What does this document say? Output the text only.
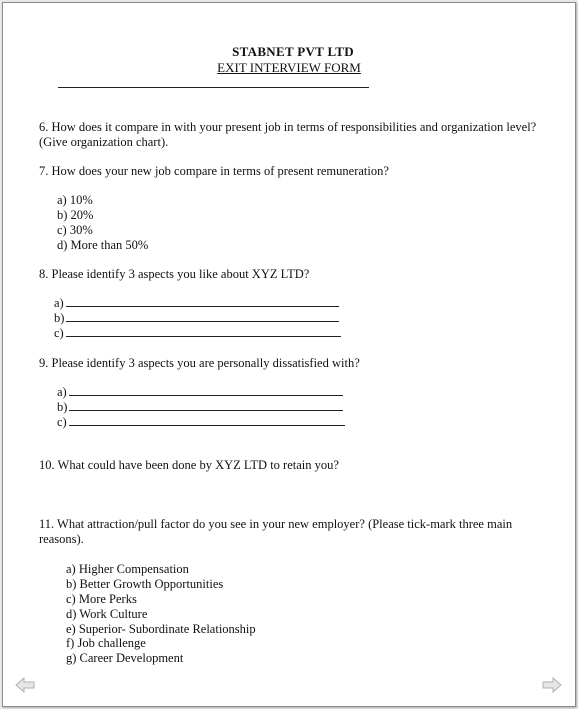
STABNET PVT LTD
EXIT INTERVIEW FORM
6. How does it compare in with your present job in terms of responsibilities and organization level? (Give organization chart).
7. How does your new job compare in terms of present remuneration?
a) 10%
b) 20%
c) 30%
d) More than 50%
8. Please identify 3 aspects you like about XYZ LTD?
a)
b)
c)
9. Please identify 3 aspects you are personally dissatisfied with?
a)
b)
c)
10. What could have been done by XYZ LTD to retain you?
11. What attraction/pull factor do you see in your new employer? (Please tick-mark three main reasons).
a) Higher Compensation
b) Better Growth Opportunities
c) More Perks
d) Work Culture
e) Superior- Subordinate Relationship
f) Job challenge
g) Career Development
